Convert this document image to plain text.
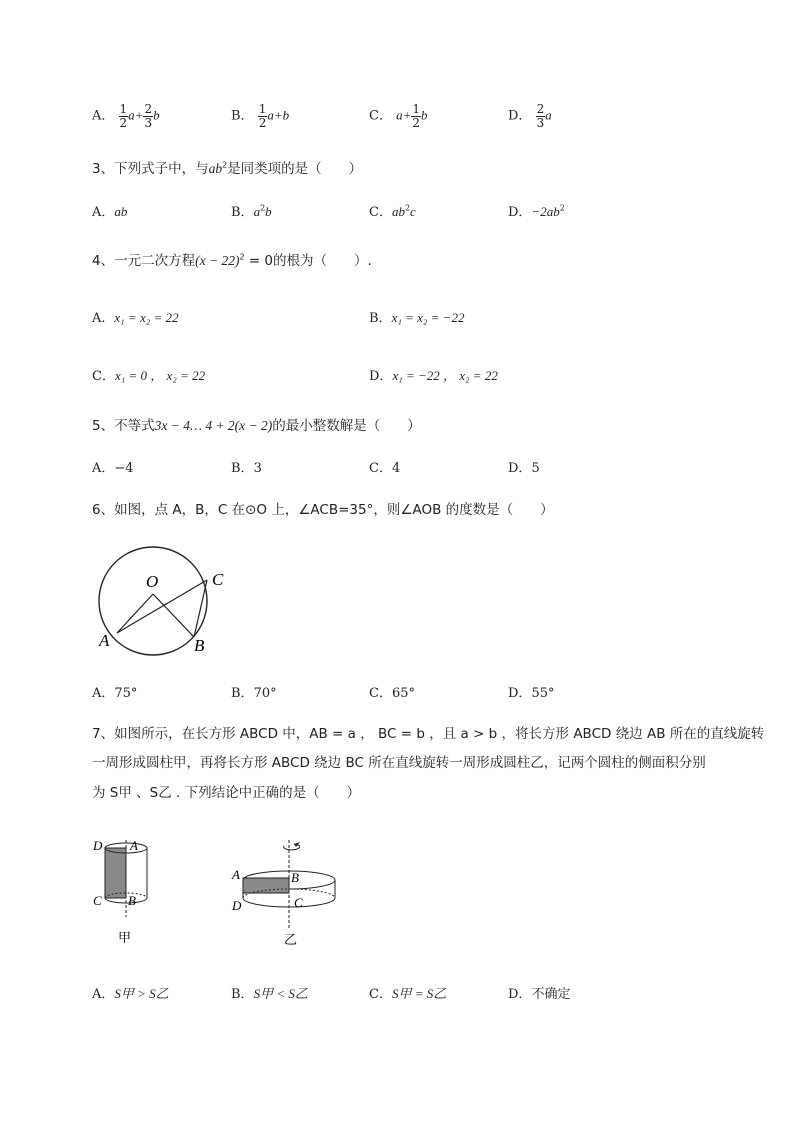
A． $\frac{1}{2} a+ \frac{2}{3}$ b	B． $\frac{1}{2} a+b$	C． $a+ \frac{1}{2}$ b	D． $\frac{2}{3}$ a
3、下列式子中，与$ab^2$是同类项的是（　　）
A．ab	B．$a^2b$	C．$ab^2c$	D．$-2ab^2$
4、一元二次方程$(x - 22)^2 = 0$的根为（　　）.
A．x₁ = x₂ = 22	B．x₁ = x₂ = −22
C．x₁ = 0 ， x₂ = 22	D．x₁ = −22 ， x₂ = 22
5、不等式3x − 4… 4 + 2(x − 2)的最小整数解是（　　）
A．−4	B．3	C．4	D．5
6、如图，点 A，B，C 在⊙O 上，∠ACB=35°，则∠AOB 的度数是（　　）
O
A	B
C
A．75°	B．70°	C．65°	D．55°
7、如图所示，在长方形 ABCD 中，AB = a ， BC = b ，且 a > b ，将长方形 ABCD 绕边 AB 所在的直线旋转
一周形成圆柱甲，再将长方形 ABCD 绕边 BC 所在直线旋转一周形成圆柱乙，记两个圆柱的侧面积分别
为 S甲 、S乙 . 下列结论中正确的是（　　）
D A
C B
甲
A	B
D	C
乙
A．S甲 > S乙	B．S甲 < S乙	C．S甲 = S乙	D．不确定
